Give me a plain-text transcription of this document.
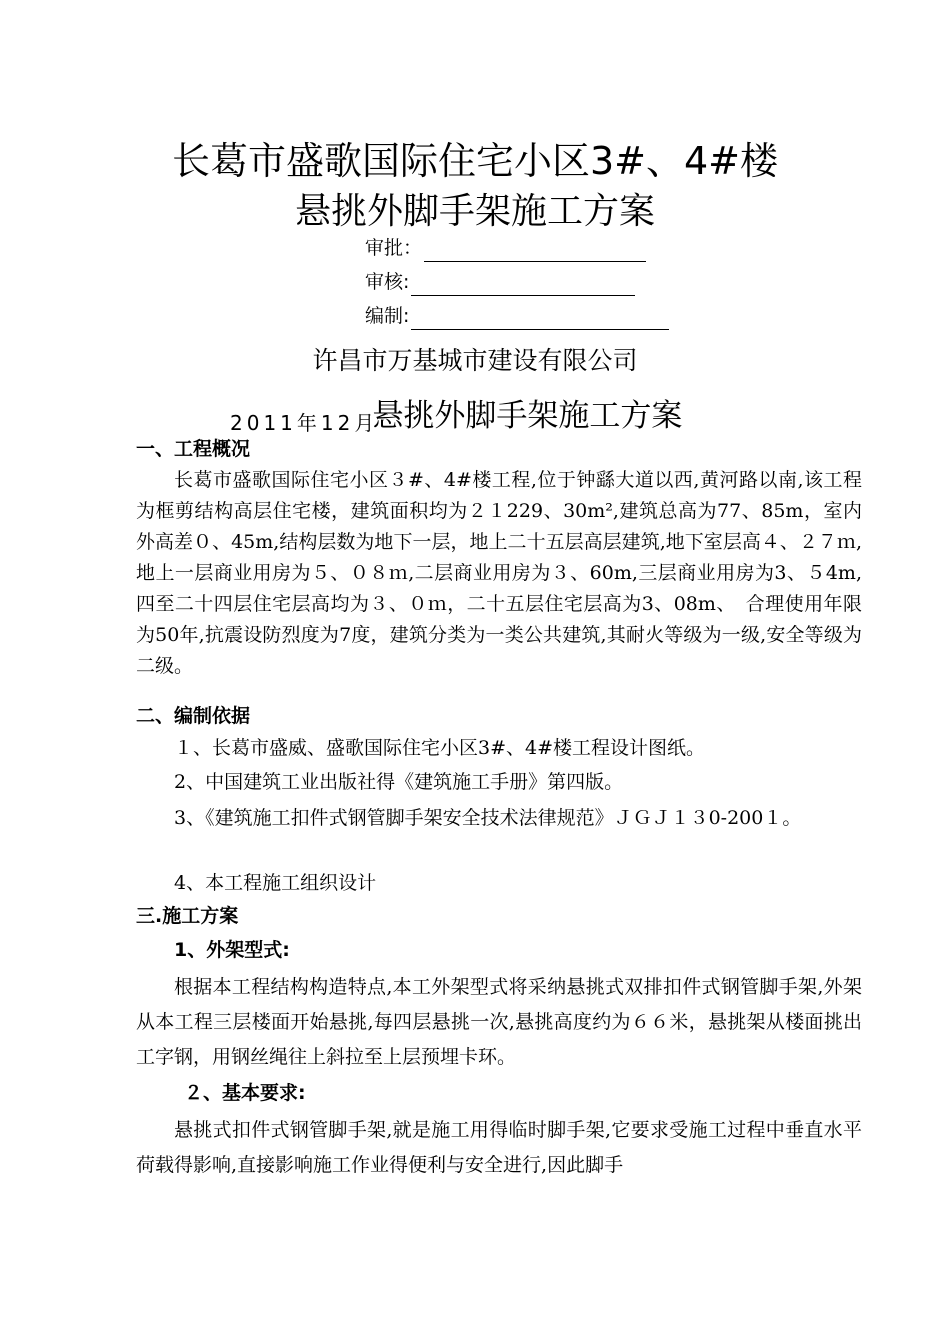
长葛市盛歌国际住宅小区3#、4#楼
悬挑外脚手架施工方案
审批：
审核:
编制:
许昌市万基城市建设有限公司
2011年12月
悬挑外脚手架施工方案
一、工程概况

长葛市盛歌国际住宅小区３#、4#楼工程,位于钟繇大道以西,黄河路以南,该工程为框剪结构高层住宅楼，建筑面积均为２１229、30m²,建筑总高为77、85m，室内外高差０、45m,结构层数为地下一层，地上二十五层高层建筑,地下室层高４、２７ｍ,地上一层商业用房为５、０８ｍ,二层商业用房为３、60m,三层商业用房为3、５4m,四至二十四层住宅层高均为３、０ｍ，二十五层住宅层高为3、08m、　合理使用年限为50年,抗震设防烈度为7度，建筑分类为一类公共建筑,其耐火等级为一级,安全等级为二级。

二、编制依据

１、长葛市盛威、盛歌国际住宅小区3#、4#楼工程设计图纸。

2、中国建筑工业出版社得《建筑施工手册》第四版。

3、《建筑施工扣件式钢管脚手架安全技术法律规范》ＪＧＪ１３0-200１。

4、本工程施工组织设计

三.施工方案
1、外架型式:

根据本工程结构构造特点,本工外架型式将采纳悬挑式双排扣件式钢管脚手架,外架从本工程三层楼面开始悬挑,每四层悬挑一次,悬挑高度约为６６米，悬挑架从楼面挑出工字钢，用钢丝绳往上斜拉至上层预埋卡环。

２、基本要求:

悬挑式扣件式钢管脚手架,就是施工用得临时脚手架,它要求受施工过程中垂直水平荷载得影响,直接影响施工作业得便利与安全进行,因此脚手
